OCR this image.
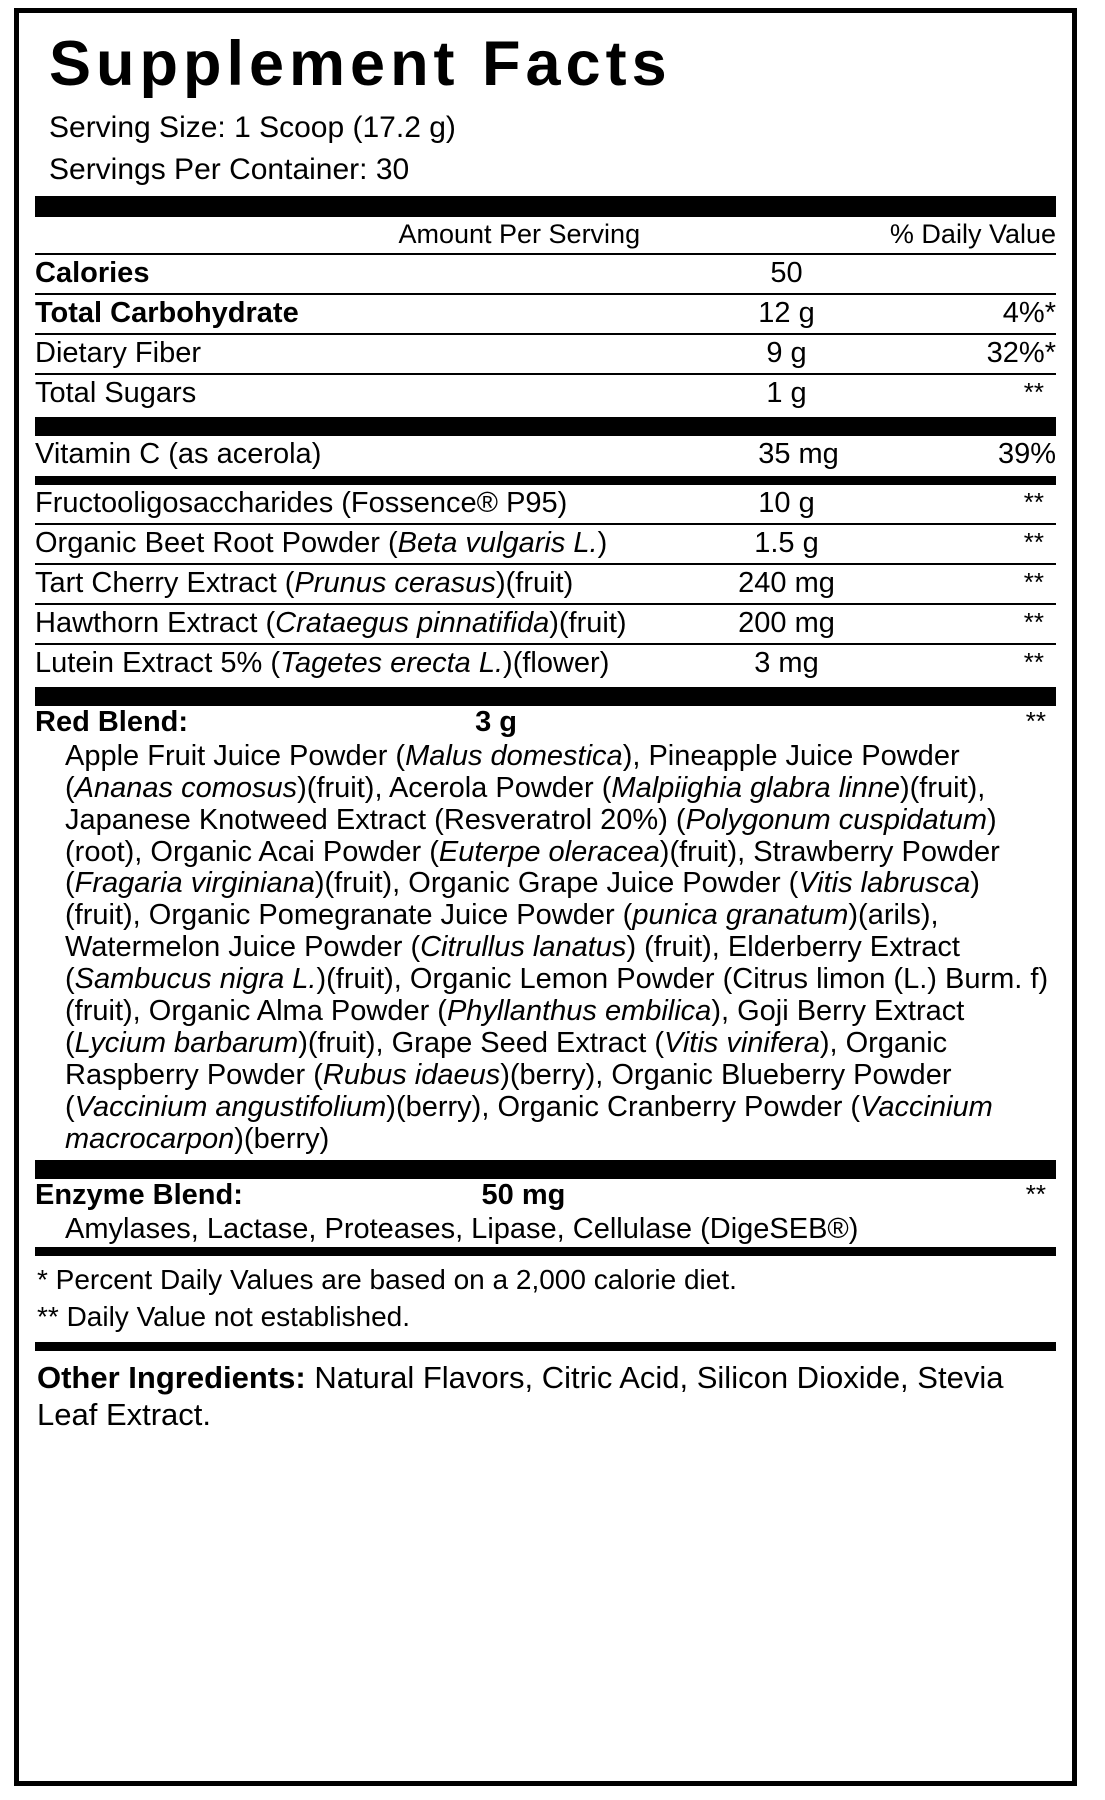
Supplement Facts
Serving Size: 1 Scoop (17.2 g)
Servings Per Container: 30
	Amount Per Serving	% Daily Value
Calories	50	
Total Carbohydrate	12 g	4%*
Dietary Fiber	9 g	32%*
Total Sugars	1 g	**
Vitamin C (as acerola)	35 mg	39%
Fructooligosaccharides (Fossence® P95)	10 g	**
Organic Beet Root Powder (Beta vulgaris L.)	1.5 g	**
Tart Cherry Extract (Prunus cerasus)(fruit)	240 mg	**
Hawthorn Extract (Crataegus pinnatifida)(fruit)	200 mg	**
Lutein Extract 5% (Tagetes erecta L.)(flower)	3 mg	**
Red Blend:	3 g	**
Apple Fruit Juice Powder (Malus domestica), Pineapple Juice Powder (Ananas comosus)(fruit), Acerola Powder (Malpiighia glabra linne)(fruit), Japanese Knotweed Extract (Resveratrol 20%) (Polygonum cuspidatum) (root), Organic Acai Powder (Euterpe oleracea)(fruit), Strawberry Powder (Fragaria virginiana)(fruit), Organic Grape Juice Powder (Vitis labrusca)(fruit), Organic Pomegranate Juice Powder (punica granatum)(arils), Watermelon Juice Powder (Citrullus lanatus) (fruit), Elderberry Extract (Sambucus nigra L.)(fruit), Organic Lemon Powder (Citrus limon (L.) Burm. f)(fruit), Organic Alma Powder (Phyllanthus embilica), Goji Berry Extract (Lycium barbarum)(fruit), Grape Seed Extract (Vitis vinifera), Organic Raspberry Powder (Rubus idaeus)(berry), Organic Blueberry Powder (Vaccinium angustifolium)(berry), Organic Cranberry Powder (Vaccinium macrocarpon)(berry)
Enzyme Blend:	50 mg	**
Amylases, Lactase, Proteases, Lipase, Cellulase (DigeSEB®)
* Percent Daily Values are based on a 2,000 calorie diet.
** Daily Value not established.
Other Ingredients: Natural Flavors, Citric Acid, Silicon Dioxide, Stevia Leaf Extract.
